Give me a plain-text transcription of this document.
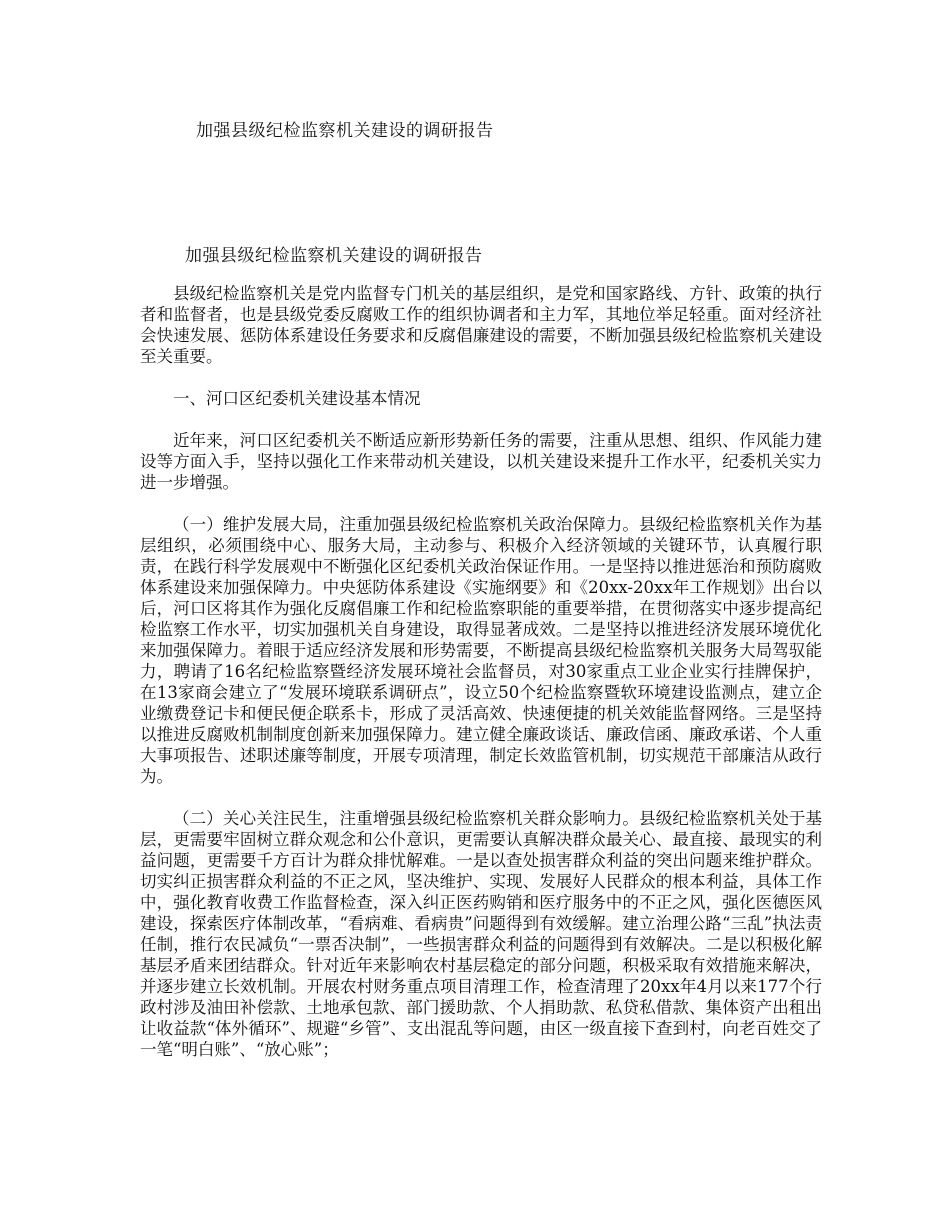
加强县级纪检监察机关建设的调研报告
加强县级纪检监察机关建设的调研报告

县级纪检监察机关是党内监督专门机关的基层组织，是党和国家路线、方针、政策的执行者和监督者，也是县级党委反腐败工作的组织协调者和主力军，其地位举足轻重。面对经济社会快速发展、惩防体系建设任务要求和反腐倡廉建设的需要，不断加强县级纪检监察机关建设至关重要。

一、河口区纪委机关建设基本情况

近年来，河口区纪委机关不断适应新形势新任务的需要，注重从思想、组织、作风能力建设等方面入手，坚持以强化工作来带动机关建设，以机关建设来提升工作水平，纪委机关实力进一步增强。

（一）维护发展大局，注重加强县级纪检监察机关政治保障力。县级纪检监察机关作为基层组织，必须围绕中心、服务大局，主动参与、积极介入经济领域的关键环节，认真履行职责，在践行科学发展观中不断强化区纪委机关政治保证作用。一是坚持以推进惩治和预防腐败体系建设来加强保障力。中央惩防体系建设《实施纲要》和《20xx-20xx年工作规划》出台以后，河口区将其作为强化反腐倡廉工作和纪检监察职能的重要举措，在贯彻落实中逐步提高纪检监察工作水平，切实加强机关自身建设，取得显著成效。二是坚持以推进经济发展环境优化来加强保障力。着眼于适应经济发展和形势需要，不断提高县级纪检监察机关服务大局驾驭能力，聘请了16名纪检监察暨经济发展环境社会监督员，对30家重点工业企业实行挂牌保护，在13家商会建立了“发展环境联系调研点”，设立50个纪检监察暨软环境建设监测点，建立企业缴费登记卡和便民便企联系卡，形成了灵活高效、快速便捷的机关效能监督网络。三是坚持以推进反腐败机制制度创新来加强保障力。建立健全廉政谈话、廉政信函、廉政承诺、个人重大事项报告、述职述廉等制度，开展专项清理，制定长效监管机制，切实规范干部廉洁从政行为。

（二）关心关注民生，注重增强县级纪检监察机关群众影响力。县级纪检监察机关处于基层，更需要牢固树立群众观念和公仆意识，更需要认真解决群众最关心、最直接、最现实的利益问题，更需要千方百计为群众排忧解难。一是以查处损害群众利益的突出问题来维护群众。切实纠正损害群众利益的不正之风，坚决维护、实现、发展好人民群众的根本利益，具体工作中，强化教育收费工作监督检查，深入纠正医药购销和医疗服务中的不正之风，强化医德医风建设，探索医疗体制改革，“看病难、看病贵”问题得到有效缓解。建立治理公路“三乱”执法责任制，推行农民减负“一票否决制”，一些损害群众利益的问题得到有效解决。二是以积极化解基层矛盾来团结群众。针对近年来影响农村基层稳定的部分问题，积极采取有效措施来解决，并逐步建立长效机制。开展农村财务重点项目清理工作，检查清理了20xx年4月以来177个行政村涉及油田补偿款、土地承包款、部门援助款、个人捐助款、私贷私借款、集体资产出租出让收益款“体外循环”、规避“乡管”、支出混乱等问题，由区一级直接下查到村，向老百姓交了一笔“明白账”、“放心账”；
